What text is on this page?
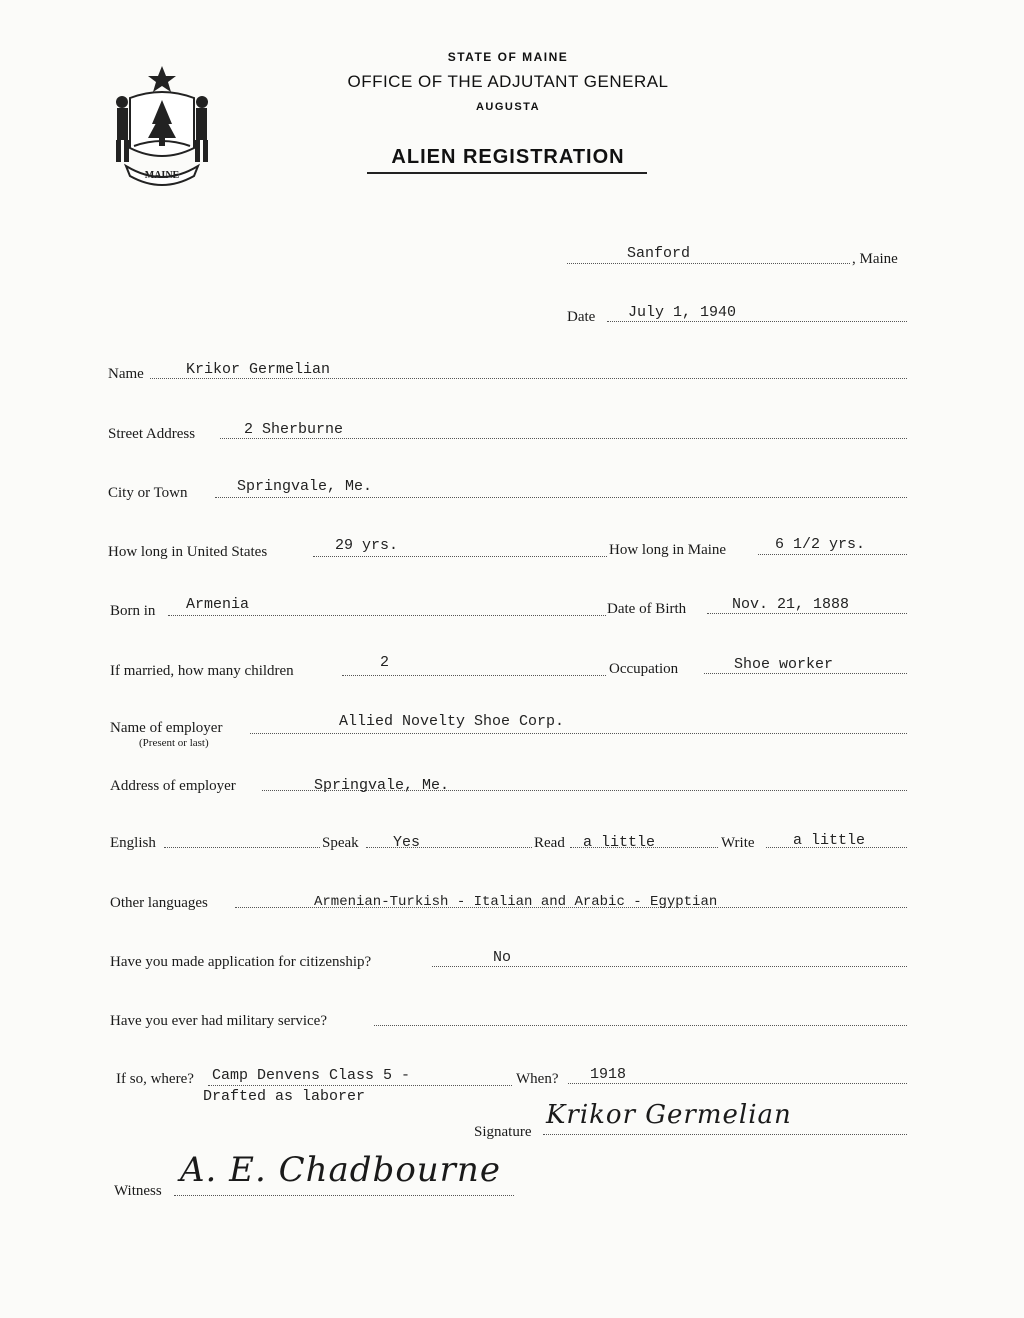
MAINE
STATE OF MAINE
OFFICE OF THE ADJUTANT GENERAL
AUGUSTA
ALIEN REGISTRATION
Sanford	, Maine
Date July 1, 1940
Name	Krikor Germelian
Street Address	2 Sherburne
City or Town	Springvale, Me.
How long in United States	29 yrs.	How long in Maine	6 1/2 yrs.
Born in Armenia	Date of Birth	Nov. 21, 1888
If married, how many children	2	Occupation	Shoe worker
Name of employer
(Present or last)
Allied Novelty Shoe Corp.
Address of employer	Springvale, Me.
English	Speak Yes	Read a little	Write	a little
Other languages	Armenian-Turkish - Italian and Arabic - Egyptian
Have you made application for citizenship?	No
Have you ever had military service?
If so, where? Camp Denvens Class 5 -
Drafted as laborer
When? 1918
Signature
Krikor Germelian
Witness
A. E. Chadbourne
